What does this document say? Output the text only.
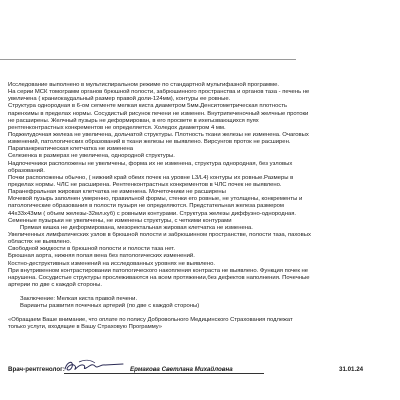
Исследование выполнено в мультиспиральном режиме по стандартной мультифазной программе.
На серии МСК томограмм органов брюшной полости, забрюшинного пространства и органов таза - печень не
увеличена ( краниокаудальный размер правой доли-124мм), контуры ее ровные.
Структура однородная в 6-ом сегменте мелкая киста диаметром 5мм.Денситометрическая плотность
паренхимы в пределах нормы. Сосудистый рисунок печени не изменен. Внутрипеченочный желчные протоки
не расширены. Желчный пузырь не деформирован, в его просвете в ихегызвающихся пуях
рентгенконтрастных конкрементов не определяется. Холедох диаметром 4 мм.
Поджелудочная железа не увеличена, дольчатой структуры. Плотность ткани железы не изменена. Очаговых
изменений, патологических образований в ткани железы не выявлено. Вирсунгов проток не расширен.
Парапанкреатическая клетчатка не изменена
Селезенка в размерах не увеличена, однородной структуры.
Надпочечники расположены не увеличены, форма их не изменена, структура однородная, без узловых
образований.
Почки расположены обычно, ( нижний край обеих почек на уровне L3/L4) контуры их ровные.Размеры в
пределах нормы. ЧЛС не расширена. Рентгенконтрастных конкрементов в ЧЛС почек не выявлено.
Паранефральная жировая клетчатка не изменена. Мочеточники не расширены
Мочевой пузырь заполнен умеренно, правильной формы, стенки его ровные, не утолщены, конкременты и
патологические образования в полости пузыря не определяются. Предстательная железа размером
44x33x43мм ( объем железы-32мл.куб) с ровными контурами. Структура железы диффузно-однородная.
Семенные пузырьки не увеличены, не изменены структуры, с четкими контурами
Прямая кишка не деформирована, мезоректальная жировая клетчатка не изменена.
Увеличенных лимфатических узлов в брюшной полости и забрюшинном пространстве, полости таза, паховых
областях не выявлено.
Свободной жидкости в брюшной полости и полости таза нет.
Брюшная аорта, нижняя полая вена без патологических изменений.
Костно-деструктивных изменений на исследованных уровнях не выявлено.
При внутривенном контрастировании патологического накопления контраста не выявлено. Функция почек не
нарушена. Сосудистые структуры прослеживаются на всем протяжении,без дефектов наполнения. Почечные
артерии по две с каждой стороны.
Заключение: Мелкая киста правой печени.
Варианты развития почечных артерий (по две с каждой стороны)
«Обращаем Ваше внимание, что оплате по полису Добровольного Медицинского Страхования подлежат
только услуги, входящие в Вашу Страховую Программу»
Врач-рентгенолог:	Ермакова Светлана Михайловна	31.01.24
